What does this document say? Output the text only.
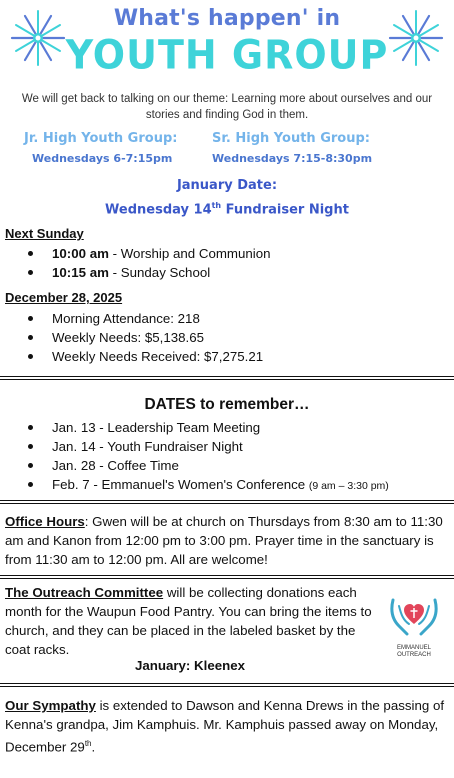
What's happen' in
YOUTH GROUP
We will get back to talking on our theme: Learning more about ourselves and our stories and finding God in them.
Jr. High Youth Group:
Wednesdays 6-7:15pm
Sr. High Youth Group:
Wednesdays 7:15-8:30pm
January Date:
Wednesday 14th Fundraiser Night
Next Sunday
10:00 am - Worship and Communion
10:15 am - Sunday School
December 28, 2025
Morning Attendance: 218
Weekly Needs: $5,138.65
Weekly Needs Received: $7,275.21
DATES to remember…
Jan. 13 - Leadership Team Meeting
Jan. 14 - Youth Fundraiser Night
Jan. 28 - Coffee Time
Feb. 7 - Emmanuel's Women's Conference (9 am – 3:30 pm)
Office Hours: Gwen will be at church on Thursdays from 8:30 am to 11:30 am and Kanon from 12:00 pm to 3:00 pm. Prayer time in the sanctuary is from 11:30 am to 12:00 pm. All are welcome!
The Outreach Committee will be collecting donations each month for the Waupun Food Pantry. You can bring the items to church, and they can be placed in the labeled basket by the coat racks.	EMMANUEL
OUTREACH
January: Kleenex
Our Sympathy is extended to Dawson and Kenna Drews in the passing of Kenna's grandpa, Jim Kamphuis. Mr. Kamphuis passed away on Monday, December 29th.
